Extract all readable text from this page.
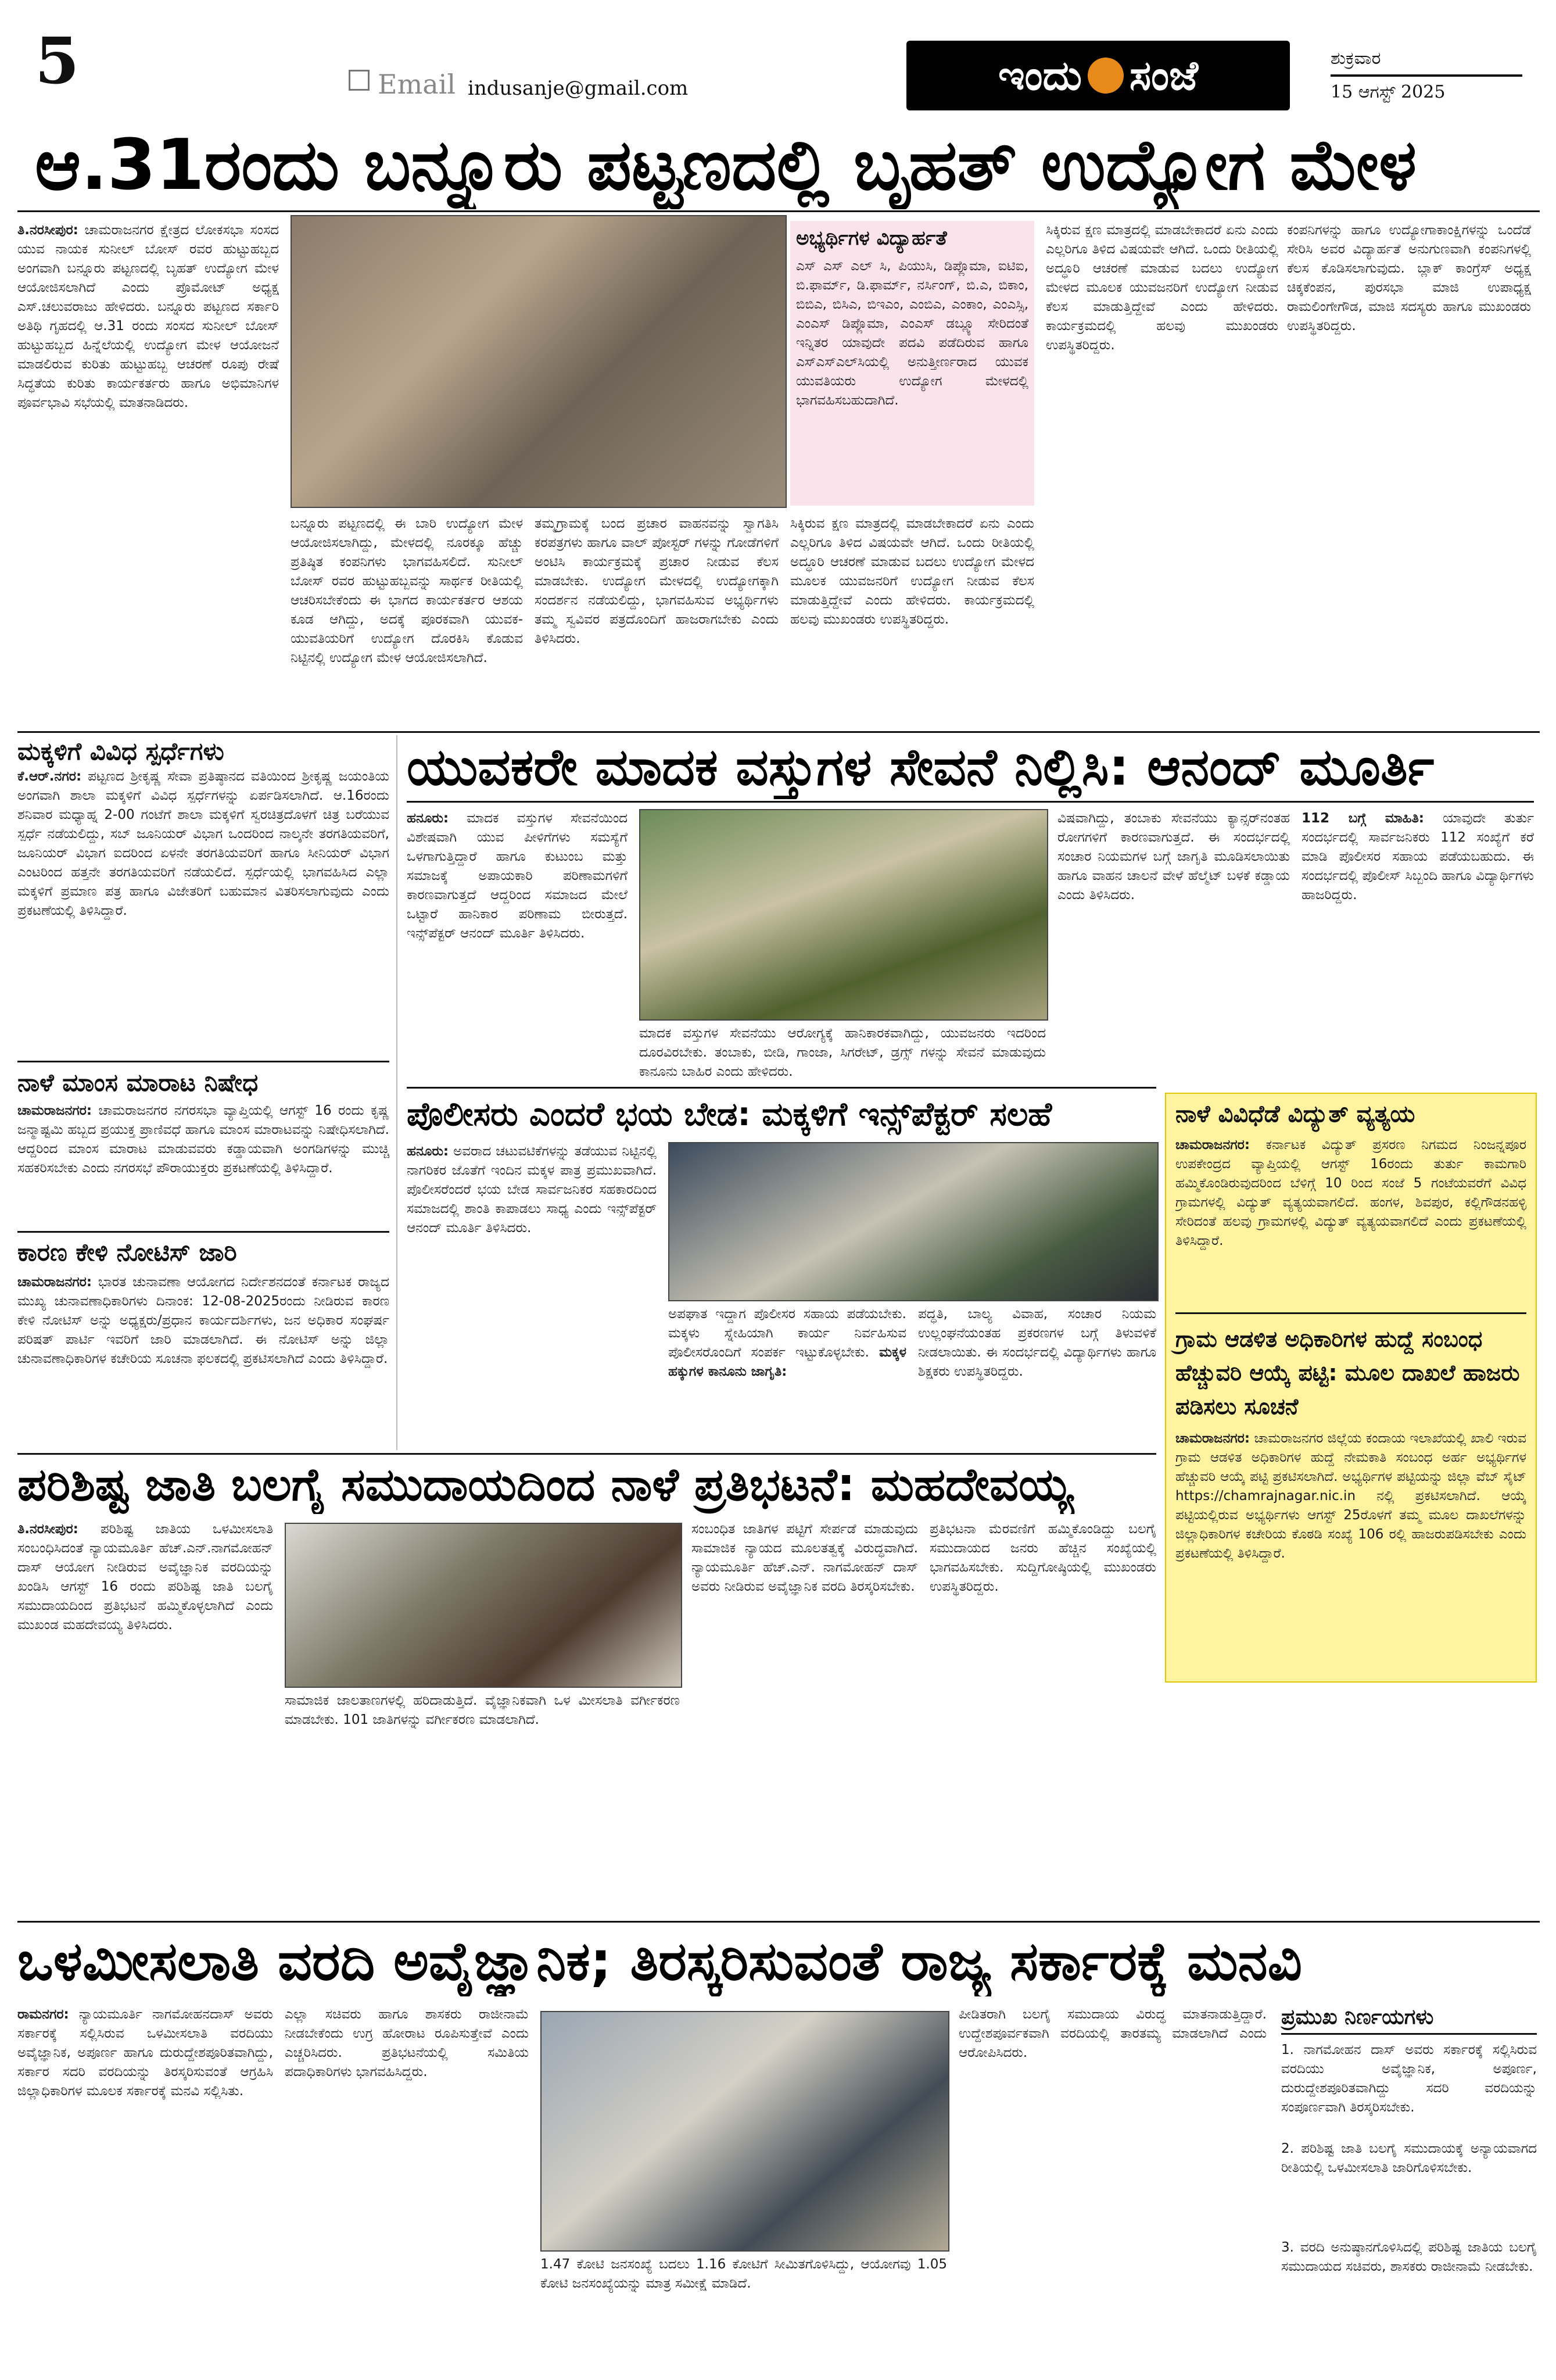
5	Email indusanje@gmail.com	ಇಂದು ಸಂಜೆ	ಶುಕ್ರವಾರ
15 ಆಗಸ್ಟ್ 2025
ಆ.31ರಂದು ಬನ್ನೂರು ಪಟ್ಟಣದಲ್ಲಿ ಬೃಹತ್ ಉದ್ಯೋಗ ಮೇಳ
ತಿ.ನರಸೀಪುರ: ಚಾಮರಾಜನಗರ ಕ್ಷೇತ್ರದ ಲೋಕಸಭಾ ಸಂಸದ ಯುವ ನಾಯಕ ಸುನೀಲ್ ಬೋಸ್ ರವರ ಹುಟ್ಟುಹಬ್ಬದ ಅಂಗವಾಗಿ ಬನ್ನೂರು ಪಟ್ಟಣದಲ್ಲಿ ಬೃಹತ್ ಉದ್ಯೋಗ ಮೇಳ ಆಯೋಜಿಸಲಾಗಿದೆ ಎಂದು ಪ್ರೊಮೋಟ್ ಅಧ್ಯಕ್ಷ ಎಸ್.ಚಲುವರಾಜು ಹೇಳಿದರು. ಬನ್ನೂರು ಪಟ್ಟಣದ ಸರ್ಕಾರಿ ಅತಿಥಿ ಗೃಹದಲ್ಲಿ ಆ.31 ರಂದು ಸಂಸದ ಸುನೀಲ್ ಬೋಸ್ ಹುಟ್ಟುಹಬ್ಬದ ಹಿನ್ನೆಲೆಯಲ್ಲಿ ಉದ್ಯೋಗ ಮೇಳ ಆಯೋಜನೆ ಮಾಡಲಿರುವ ಕುರಿತು ಹುಟ್ಟುಹಬ್ಬ ಆಚರಣೆ ರೂಪು ರೇಷೆ ಸಿದ್ಧತೆಯ ಕುರಿತು ಕಾರ್ಯಕರ್ತರು ಹಾಗೂ ಅಭಿಮಾನಿಗಳ ಪೂರ್ವಭಾವಿ ಸಭೆಯಲ್ಲಿ ಮಾತನಾಡಿದರು.
ಬನ್ನೂರು ಪಟ್ಟಣದಲ್ಲಿ ಈ ಬಾರಿ ಉದ್ಯೋಗ ಮೇಳ ಆಯೋಜಿಸಲಾಗಿದ್ದು, ಮೇಳದಲ್ಲಿ ನೂರಕ್ಕೂ ಹೆಚ್ಚು ಪ್ರತಿಷ್ಠಿತ ಕಂಪನಿಗಳು ಭಾಗವಹಿಸಲಿದೆ. ಸುನೀಲ್ ಬೋಸ್ ರವರ ಹುಟ್ಟುಹಬ್ಬವನ್ನು ಸಾರ್ಥಕ ರೀತಿಯಲ್ಲಿ ಆಚರಿಸಬೇಕೆಂದು ಈ ಭಾಗದ ಕಾರ್ಯಕರ್ತರ ಆಶಯ ಕೂಡ ಆಗಿದ್ದು, ಅದಕ್ಕೆ ಪೂರಕವಾಗಿ ಯುವಕ-ಯುವತಿಯರಿಗೆ ಉದ್ಯೋಗ ದೊರಕಿಸಿ ಕೊಡುವ ನಿಟ್ಟಿನಲ್ಲಿ ಉದ್ಯೋಗ ಮೇಳ ಆಯೋಜಿಸಲಾಗಿದೆ.
ತಮ್ಮಗ್ರಾಮಕ್ಕೆ ಬಂದ ಪ್ರಚಾರ ವಾಹನವನ್ನು ಸ್ವಾಗತಿಸಿ ಕರಪತ್ರಗಳು ಹಾಗೂ ವಾಲ್ ಪೋಸ್ಟರ್ ಗಳನ್ನು ಗೋಡೆಗಳಿಗೆ ಅಂಟಿಸಿ ಕಾರ್ಯಕ್ರಮಕ್ಕೆ ಪ್ರಚಾರ ನೀಡುವ ಕೆಲಸ ಮಾಡಬೇಕು. ಉದ್ಯೋಗ ಮೇಳದಲ್ಲಿ ಉದ್ಯೋಗಕ್ಕಾಗಿ ಸಂದರ್ಶನ ನಡೆಯಲಿದ್ದು, ಭಾಗವಹಿಸುವ ಅಭ್ಯರ್ಥಿಗಳು ತಮ್ಮ ಸ್ವವಿವರ ಪತ್ರದೊಂದಿಗೆ ಹಾಜರಾಗಬೇಕು ಎಂದು ತಿಳಿಸಿದರು.
ಅಭ್ಯರ್ಥಿಗಳ ವಿದ್ಯಾರ್ಹತೆ
ಎಸ್ ಎಸ್ ಎಲ್ ಸಿ, ಪಿಯುಸಿ, ಡಿಪ್ಲೊಮಾ, ಐಟಿಐ, ಬಿ.ಫಾರ್ಮ್, ಡಿ.ಫಾರ್ಮ್, ನರ್ಸಿಂಗ್, ಬಿ.ಎ, ಬಿಕಾಂ, ಬಿಬಿಎ, ಬಿಸಿಎ, ಬಿಇಎಂ, ಎಂಬಿಎ, ಎಂಕಾಂ, ಎಂಎಸ್ಸಿ, ಎಂಎಸ್ ಡಿಪ್ಲೊಮಾ, ಎಂಎಸ್ ಡಬ್ಲ್ಯೂ ಸೇರಿದಂತೆ ಇನ್ನಿತರ ಯಾವುದೇ ಪದವಿ ಪಡೆದಿರುವ ಹಾಗೂ ಎಸ್ಎಸ್ಎಲ್‌ಸಿಯಲ್ಲಿ ಅನುತ್ತೀರ್ಣರಾದ ಯುವಕ ಯುವತಿಯರು ಉದ್ಯೋಗ ಮೇಳದಲ್ಲಿ ಭಾಗವಹಿಸಬಹುದಾಗಿದೆ.
ಸಿಕ್ಕಿರುವ ಕ್ಷಣ ಮಾತ್ರದಲ್ಲಿ ಮಾಡಬೇಕಾದರೆ ಏನು ಎಂದು ಎಲ್ಲರಿಗೂ ತಿಳಿದ ವಿಷಯವೇ ಆಗಿದೆ. ಒಂದು ರೀತಿಯಲ್ಲಿ ಅದ್ಧೂರಿ ಆಚರಣೆ ಮಾಡುವ ಬದಲು ಉದ್ಯೋಗ ಮೇಳದ ಮೂಲಕ ಯುವಜನರಿಗೆ ಉದ್ಯೋಗ ನೀಡುವ ಕೆಲಸ ಮಾಡುತ್ತಿದ್ದೇವೆ ಎಂದು ಹೇಳಿದರು. ಕಾರ್ಯಕ್ರಮದಲ್ಲಿ ಹಲವು ಮುಖಂಡರು ಉಪಸ್ಥಿತರಿದ್ದರು.
ಸಿಕ್ಕಿರುವ ಕ್ಷಣ ಮಾತ್ರದಲ್ಲಿ ಮಾಡಬೇಕಾದರೆ ಏನು ಎಂದು ಎಲ್ಲರಿಗೂ ತಿಳಿದ ವಿಷಯವೇ ಆಗಿದೆ. ಒಂದು ರೀತಿಯಲ್ಲಿ ಅದ್ಧೂರಿ ಆಚರಣೆ ಮಾಡುವ ಬದಲು ಉದ್ಯೋಗ ಮೇಳದ ಮೂಲಕ ಯುವಜನರಿಗೆ ಉದ್ಯೋಗ ನೀಡುವ ಕೆಲಸ ಮಾಡುತ್ತಿದ್ದೇವೆ ಎಂದು ಹೇಳಿದರು. ಕಾರ್ಯಕ್ರಮದಲ್ಲಿ ಹಲವು ಮುಖಂಡರು ಉಪಸ್ಥಿತರಿದ್ದರು.
ಕಂಪನಿಗಳನ್ನು ಹಾಗೂ ಉದ್ಯೋಗಾಕಾಂಕ್ಷಿಗಳನ್ನು ಒಂದೆಡೆ ಸೇರಿಸಿ ಅವರ ವಿದ್ಯಾರ್ಹತೆ ಅನುಗುಣವಾಗಿ ಕಂಪನಿಗಳಲ್ಲಿ ಕೆಲಸ ಕೊಡಿಸಲಾಗುವುದು. ಬ್ಲಾಕ್ ಕಾಂಗ್ರೆಸ್ ಅಧ್ಯಕ್ಷ ಚಿಕ್ಕಕೆಂಪನ, ಪುರಸಭಾ ಮಾಜಿ ಉಪಾಧ್ಯಕ್ಷ ರಾಮಲಿಂಗೇಗೌಡ, ಮಾಜಿ ಸದಸ್ಯರು ಹಾಗೂ ಮುಖಂಡರು ಉಪಸ್ಥಿತರಿದ್ದರು.
ಮಕ್ಕಳಿಗೆ ವಿವಿಧ ಸ್ಪರ್ಧೆಗಳು
ಕೆ.ಆರ್.ನಗರ: ಪಟ್ಟಣದ ಶ್ರೀಕೃಷ್ಣ ಸೇವಾ ಪ್ರತಿಷ್ಠಾನದ ವತಿಯಿಂದ ಶ್ರೀಕೃಷ್ಣ ಜಯಂತಿಯ ಅಂಗವಾಗಿ ಶಾಲಾ ಮಕ್ಕಳಿಗೆ ವಿವಿಧ ಸ್ಪರ್ಧೆಗಳನ್ನು ಏರ್ಪಡಿಸಲಾಗಿದೆ. ಆ.16ರಂದು ಶನಿವಾರ ಮಧ್ಯಾಹ್ನ 2-00 ಗಂಟೆಗೆ ಶಾಲಾ ಮಕ್ಕಳಿಗೆ ಸ್ವರಚಿತ್ರದೊಳಗೆ ಚಿತ್ರ ಬರೆಯುವ ಸ್ಪರ್ಧೆ ನಡೆಯಲಿದ್ದು, ಸಬ್ ಜೂನಿಯರ್ ವಿಭಾಗ ಒಂದರಿಂದ ನಾಲ್ಕನೇ ತರಗತಿಯವರಿಗೆ, ಜೂನಿಯರ್ ವಿಭಾಗ ಐದರಿಂದ ಏಳನೇ ತರಗತಿಯವರಿಗೆ ಹಾಗೂ ಸೀನಿಯರ್ ವಿಭಾಗ ಎಂಟರಿಂದ ಹತ್ತನೇ ತರಗತಿಯವರಿಗೆ ನಡೆಯಲಿದೆ. ಸ್ಪರ್ಧೆಯಲ್ಲಿ ಭಾಗವಹಿಸಿದ ಎಲ್ಲಾ ಮಕ್ಕಳಿಗೆ ಪ್ರಮಾಣ ಪತ್ರ ಹಾಗೂ ವಿಜೇತರಿಗೆ ಬಹುಮಾನ ವಿತರಿಸಲಾಗುವುದು ಎಂದು ಪ್ರಕಟಣೆಯಲ್ಲಿ ತಿಳಿಸಿದ್ದಾರೆ.
ನಾಳೆ ಮಾಂಸ ಮಾರಾಟ ನಿಷೇಧ
ಚಾಮರಾಜನಗರ: ಚಾಮರಾಜನಗರ ನಗರಸಭಾ ವ್ಯಾಪ್ತಿಯಲ್ಲಿ ಆಗಸ್ಟ್ 16 ರಂದು ಕೃಷ್ಣ ಜನ್ಮಾಷ್ಟಮಿ ಹಬ್ಬದ ಪ್ರಯುಕ್ತ ಪ್ರಾಣಿವಧೆ ಹಾಗೂ ಮಾಂಸ ಮಾರಾಟವನ್ನು ನಿಷೇಧಿಸಲಾಗಿದೆ. ಆದ್ದರಿಂದ ಮಾಂಸ ಮಾರಾಟ ಮಾಡುವವರು ಕಡ್ಡಾಯವಾಗಿ ಅಂಗಡಿಗಳನ್ನು ಮುಚ್ಚಿ ಸಹಕರಿಸಬೇಕು ಎಂದು ನಗರಸಭೆ ಪೌರಾಯುಕ್ತರು ಪ್ರಕಟಣೆಯಲ್ಲಿ ತಿಳಿಸಿದ್ದಾರೆ.
ಕಾರಣ ಕೇಳಿ ನೋಟಿಸ್ ಜಾರಿ
ಚಾಮರಾಜನಗರ: ಭಾರತ ಚುನಾವಣಾ ಆಯೋಗದ ನಿರ್ದೇಶನದಂತೆ ಕರ್ನಾಟಕ ರಾಜ್ಯದ ಮುಖ್ಯ ಚುನಾವಣಾಧಿಕಾರಿಗಳು ದಿನಾಂಕ: 12-08-2025ರಂದು ನೀಡಿರುವ ಕಾರಣ ಕೇಳಿ ನೋಟಿಸ್ ಅನ್ನು ಅಧ್ಯಕ್ಷರು/ಪ್ರಧಾನ ಕಾರ್ಯದರ್ಶಿಗಳು, ಜನ ಅಧಿಕಾರ ಸಂಘರ್ಷ ಪರಿಷತ್ ಪಾರ್ಟಿ ಇವರಿಗೆ ಜಾರಿ ಮಾಡಲಾಗಿದೆ. ಈ ನೋಟಿಸ್ ಅನ್ನು ಜಿಲ್ಲಾ ಚುನಾವಣಾಧಿಕಾರಿಗಳ ಕಚೇರಿಯ ಸೂಚನಾ ಫಲಕದಲ್ಲಿ ಪ್ರಕಟಿಸಲಾಗಿದೆ ಎಂದು ತಿಳಿಸಿದ್ದಾರೆ.
ಯುವಕರೇ ಮಾದಕ ವಸ್ತುಗಳ ಸೇವನೆ ನಿಲ್ಲಿಸಿ: ಆನಂದ್ ಮೂರ್ತಿ
ಹನೂರು: ಮಾದಕ ವಸ್ತುಗಳ ಸೇವನೆಯಿಂದ ವಿಶೇಷವಾಗಿ ಯುವ ಪೀಳಿಗೆಗಳು ಸಮಸ್ಯೆಗೆ ಒಳಗಾಗುತ್ತಿದ್ದಾರೆ ಹಾಗೂ ಕುಟುಂಬ ಮತ್ತು ಸಮಾಜಕ್ಕೆ ಅಪಾಯಕಾರಿ ಪರಿಣಾಮಗಳಿಗೆ ಕಾರಣವಾಗುತ್ತದೆ ಆದ್ದರಿಂದ ಸಮಾಜದ ಮೇಲೆ ಒಟ್ಟಾರೆ ಹಾನಿಕಾರ ಪರಿಣಾಮ ಬೀರುತ್ತದೆ. ಇನ್ಸ್‌ಪೆಕ್ಟರ್ ಆನಂದ್ ಮೂರ್ತಿ ತಿಳಿಸಿದರು.
ಮಾದಕ ವಸ್ತುಗಳ ಸೇವನೆಯು ಆರೋಗ್ಯಕ್ಕೆ ಹಾನಿಕಾರಕವಾಗಿದ್ದು, ಯುವಜನರು ಇದರಿಂದ ದೂರವಿರಬೇಕು. ತಂಬಾಕು, ಬೀಡಿ, ಗಾಂಜಾ, ಸಿಗರೇಟ್, ಡ್ರಗ್ಸ್ ಗಳನ್ನು ಸೇವನೆ ಮಾಡುವುದು ಕಾನೂನು ಬಾಹಿರ ಎಂದು ಹೇಳಿದರು.
ವಿಷವಾಗಿದ್ದು, ತಂಬಾಕು ಸೇವನೆಯು ಕ್ಯಾನ್ಸರ್‌ನಂತಹ ರೋಗಗಳಿಗೆ ಕಾರಣವಾಗುತ್ತದೆ. ಈ ಸಂದರ್ಭದಲ್ಲಿ ಸಂಚಾರ ನಿಯಮಗಳ ಬಗ್ಗೆ ಜಾಗೃತಿ ಮೂಡಿಸಲಾಯಿತು ಹಾಗೂ ವಾಹನ ಚಾಲನೆ ವೇಳೆ ಹೆಲ್ಮೆಟ್ ಬಳಕೆ ಕಡ್ಡಾಯ ಎಂದು ತಿಳಿಸಿದರು.
112 ಬಗ್ಗೆ ಮಾಹಿತಿ: ಯಾವುದೇ ತುರ್ತು ಸಂದರ್ಭದಲ್ಲಿ ಸಾರ್ವಜನಿಕರು 112 ಸಂಖ್ಯೆಗೆ ಕರೆ ಮಾಡಿ ಪೊಲೀಸರ ಸಹಾಯ ಪಡೆಯಬಹುದು. ಈ ಸಂದರ್ಭದಲ್ಲಿ ಪೊಲೀಸ್ ಸಿಬ್ಬಂದಿ ಹಾಗೂ ವಿದ್ಯಾರ್ಥಿಗಳು ಹಾಜರಿದ್ದರು.
ಪೊಲೀಸರು ಎಂದರೆ ಭಯ ಬೇಡ: ಮಕ್ಕಳಿಗೆ ಇನ್ಸ್‌ಪೆಕ್ಟರ್ ಸಲಹೆ
ಹನೂರು: ಅವರಾದ ಚಟುವಟಿಕೆಗಳನ್ನು ತಡೆಯುವ ನಿಟ್ಟಿನಲ್ಲಿ ನಾಗರಿಕರ ಜೊತೆಗೆ ಇಂದಿನ ಮಕ್ಕಳ ಪಾತ್ರ ಪ್ರಮುಖವಾಗಿದೆ. ಪೊಲೀಸರೆಂದರೆ ಭಯ ಬೇಡ ಸಾರ್ವಜನಿಕರ ಸಹಕಾರದಿಂದ ಸಮಾಜದಲ್ಲಿ ಶಾಂತಿ ಕಾಪಾಡಲು ಸಾಧ್ಯ ಎಂದು ಇನ್ಸ್‌ಪೆಕ್ಟರ್ ಆನಂದ್ ಮೂರ್ತಿ ತಿಳಿಸಿದರು.
ಅಪಘಾತ ಇದ್ದಾಗ ಪೊಲೀಸರ ಸಹಾಯ ಪಡೆಯಬೇಕು. ಮಕ್ಕಳು ಸ್ನೇಹಿಯಾಗಿ ಕಾರ್ಯ ನಿರ್ವಹಿಸುವ ಪೊಲೀಸರೊಂದಿಗೆ ಸಂಪರ್ಕ ಇಟ್ಟುಕೊಳ್ಳಬೇಕು. ಮಕ್ಕಳ ಹಕ್ಕುಗಳ ಕಾನೂನು ಜಾಗೃತಿ:
ಪದ್ಧತಿ, ಬಾಲ್ಯ ವಿವಾಹ, ಸಂಚಾರ ನಿಯಮ ಉಲ್ಲಂಘನೆಯಂತಹ ಪ್ರಕರಣಗಳ ಬಗ್ಗೆ ತಿಳುವಳಿಕೆ ನೀಡಲಾಯಿತು. ಈ ಸಂದರ್ಭದಲ್ಲಿ ವಿದ್ಯಾರ್ಥಿಗಳು ಹಾಗೂ ಶಿಕ್ಷಕರು ಉಪಸ್ಥಿತರಿದ್ದರು.
ನಾಳೆ ವಿವಿಧೆಡೆ ವಿದ್ಯುತ್ ವ್ಯತ್ಯಯ
ಚಾಮರಾಜನಗರ: ಕರ್ನಾಟಕ ವಿದ್ಯುತ್ ಪ್ರಸರಣ ನಿಗಮದ ನಿಂಜನ್ನಪೂರ ಉಪಕೇಂದ್ರದ ವ್ಯಾಪ್ತಿಯಲ್ಲಿ ಆಗಸ್ಟ್ 16ರಂದು ತುರ್ತು ಕಾಮಗಾರಿ ಹಮ್ಮಿಕೊಂಡಿರುವುದರಿಂದ ಬೆಳಿಗ್ಗೆ 10 ರಿಂದ ಸಂಜೆ 5 ಗಂಟೆಯವರೆಗೆ ವಿವಿಧ ಗ್ರಾಮಗಳಲ್ಲಿ ವಿದ್ಯುತ್ ವ್ಯತ್ಯಯವಾಗಲಿದೆ. ಹಂಗಳ, ಶಿವಪುರ, ಕಲ್ಲಿಗೌಡನಹಳ್ಳಿ ಸೇರಿದಂತೆ ಹಲವು ಗ್ರಾಮಗಳಲ್ಲಿ ವಿದ್ಯುತ್ ವ್ಯತ್ಯಯವಾಗಲಿದೆ ಎಂದು ಪ್ರಕಟಣೆಯಲ್ಲಿ ತಿಳಿಸಿದ್ದಾರೆ.
ಗ್ರಾಮ ಆಡಳಿತ ಅಧಿಕಾರಿಗಳ ಹುದ್ದೆ ಸಂಬಂಧ ಹೆಚ್ಚುವರಿ ಆಯ್ಕೆ ಪಟ್ಟಿ: ಮೂಲ ದಾಖಲೆ ಹಾಜರು ಪಡಿಸಲು ಸೂಚನೆ
ಚಾಮರಾಜನಗರ: ಚಾಮರಾಜನಗರ ಜಿಲ್ಲೆಯ ಕಂದಾಯ ಇಲಾಖೆಯಲ್ಲಿ ಖಾಲಿ ಇರುವ ಗ್ರಾಮ ಆಡಳಿತ ಅಧಿಕಾರಿಗಳ ಹುದ್ದೆ ನೇಮಕಾತಿ ಸಂಬಂಧ ಅರ್ಹ ಅಭ್ಯರ್ಥಿಗಳ ಹೆಚ್ಚುವರಿ ಆಯ್ಕೆ ಪಟ್ಟಿ ಪ್ರಕಟಿಸಲಾಗಿದೆ. ಅಭ್ಯರ್ಥಿಗಳ ಪಟ್ಟಿಯನ್ನು ಜಿಲ್ಲಾ ವೆಬ್ ಸೈಟ್ https://chamrajnagar.nic.in ನಲ್ಲಿ ಪ್ರಕಟಿಸಲಾಗಿದೆ. ಆಯ್ಕೆ ಪಟ್ಟಿಯಲ್ಲಿರುವ ಅಭ್ಯರ್ಥಿಗಳು ಆಗಸ್ಟ್ 25ರೊಳಗೆ ತಮ್ಮ ಮೂಲ ದಾಖಲೆಗಳನ್ನು ಜಿಲ್ಲಾಧಿಕಾರಿಗಳ ಕಚೇರಿಯ ಕೊಠಡಿ ಸಂಖ್ಯೆ 106 ರಲ್ಲಿ ಹಾಜರುಪಡಿಸಬೇಕು ಎಂದು ಪ್ರಕಟಣೆಯಲ್ಲಿ ತಿಳಿಸಿದ್ದಾರೆ.
ಪರಿಶಿಷ್ಟ ಜಾತಿ ಬಲಗೈ ಸಮುದಾಯದಿಂದ ನಾಳೆ ಪ್ರತಿಭಟನೆ: ಮಹದೇವಯ್ಯ
ತಿ.ನರಸೀಪುರ: ಪರಿಶಿಷ್ಟ ಜಾತಿಯ ಒಳಮೀಸಲಾತಿ ಸಂಬಂಧಿಸಿದಂತೆ ನ್ಯಾಯಮೂರ್ತಿ ಹೆಚ್.ಎನ್.ನಾಗಮೋಹನ್ ದಾಸ್ ಆಯೋಗ ನೀಡಿರುವ ಅವೈಜ್ಞಾನಿಕ ವರದಿಯನ್ನು ಖಂಡಿಸಿ ಆಗಸ್ಟ್ 16 ರಂದು ಪರಿಶಿಷ್ಟ ಜಾತಿ ಬಲಗೈ ಸಮುದಾಯದಿಂದ ಪ್ರತಿಭಟನೆ ಹಮ್ಮಿಕೊಳ್ಳಲಾಗಿದೆ ಎಂದು ಮುಖಂಡ ಮಹದೇವಯ್ಯ ತಿಳಿಸಿದರು.
ಸಾಮಾಜಿಕ ಜಾಲತಾಣಗಳಲ್ಲಿ ಹರಿದಾಡುತ್ತಿದೆ. ವೈಜ್ಞಾನಿಕವಾಗಿ ಒಳ ಮೀಸಲಾತಿ ವರ್ಗೀಕರಣ ಮಾಡಬೇಕು. 101 ಜಾತಿಗಳನ್ನು ವರ್ಗೀಕರಣ ಮಾಡಲಾಗಿದೆ.
ಸಂಬಂಧಿತ ಜಾತಿಗಳ ಪಟ್ಟಿಗೆ ಸೇರ್ಪಡೆ ಮಾಡುವುದು ಸಾಮಾಜಿಕ ನ್ಯಾಯದ ಮೂಲತತ್ವಕ್ಕೆ ವಿರುದ್ಧವಾಗಿದೆ. ನ್ಯಾಯಮೂರ್ತಿ ಹೆಚ್.ಎನ್. ನಾಗಮೋಹನ್ ದಾಸ್ ಅವರು ನೀಡಿರುವ ಅವೈಜ್ಞಾನಿಕ ವರದಿ ತಿರಸ್ಕರಿಸಬೇಕು.
ಪ್ರತಿಭಟನಾ ಮೆರವಣಿಗೆ ಹಮ್ಮಿಕೊಂಡಿದ್ದು ಬಲಗೈ ಸಮುದಾಯದ ಜನರು ಹೆಚ್ಚಿನ ಸಂಖ್ಯೆಯಲ್ಲಿ ಭಾಗವಹಿಸಬೇಕು. ಸುದ್ದಿಗೋಷ್ಠಿಯಲ್ಲಿ ಮುಖಂಡರು ಉಪಸ್ಥಿತರಿದ್ದರು.
ಒಳಮೀಸಲಾತಿ ವರದಿ ಅವೈಜ್ಞಾನಿಕ; ತಿರಸ್ಕರಿಸುವಂತೆ ರಾಜ್ಯ ಸರ್ಕಾರಕ್ಕೆ ಮನವಿ
ರಾಮನಗರ: ನ್ಯಾಯಮೂರ್ತಿ ನಾಗಮೋಹನದಾಸ್ ಅವರು ಸರ್ಕಾರಕ್ಕೆ ಸಲ್ಲಿಸಿರುವ ಒಳಮೀಸಲಾತಿ ವರದಿಯು ಅವೈಜ್ಞಾನಿಕ, ಅಪೂರ್ಣ ಹಾಗೂ ದುರುದ್ದೇಶಪೂರಿತವಾಗಿದ್ದು, ಸರ್ಕಾರ ಸದರಿ ವರದಿಯನ್ನು ತಿರಸ್ಕರಿಸುವಂತೆ ಆಗ್ರಹಿಸಿ ಜಿಲ್ಲಾಧಿಕಾರಿಗಳ ಮೂಲಕ ಸರ್ಕಾರಕ್ಕೆ ಮನವಿ ಸಲ್ಲಿಸಿತು.
ಎಲ್ಲಾ ಸಚಿವರು ಹಾಗೂ ಶಾಸಕರು ರಾಜೀನಾಮೆ ನೀಡಬೇಕೆಂದು ಉಗ್ರ ಹೋರಾಟ ರೂಪಿಸುತ್ತೇವೆ ಎಂದು ಎಚ್ಚರಿಸಿದರು. ಪ್ರತಿಭಟನೆಯಲ್ಲಿ ಸಮಿತಿಯ ಪದಾಧಿಕಾರಿಗಳು ಭಾಗವಹಿಸಿದ್ದರು.
1.47 ಕೋಟಿ ಜನಸಂಖ್ಯೆ ಬದಲು 1.16 ಕೋಟಿಗೆ ಸೀಮಿತಗೊಳಿಸಿದ್ದು, ಆಯೋಗವು 1.05 ಕೋಟಿ ಜನಸಂಖ್ಯೆಯನ್ನು ಮಾತ್ರ ಸಮೀಕ್ಷೆ ಮಾಡಿದೆ.
ಪೀಡಿತರಾಗಿ ಬಲಗೈ ಸಮುದಾಯ ವಿರುದ್ಧ ಮಾತನಾಡುತ್ತಿದ್ದಾರೆ. ಉದ್ದೇಶಪೂರ್ವಕವಾಗಿ ವರದಿಯಲ್ಲಿ ತಾರತಮ್ಯ ಮಾಡಲಾಗಿದೆ ಎಂದು ಆರೋಪಿಸಿದರು.
ಪ್ರಮುಖ ನಿರ್ಣಯಗಳು
1. ನಾಗಮೋಹನ ದಾಸ್ ಅವರು ಸರ್ಕಾರಕ್ಕೆ ಸಲ್ಲಿಸಿರುವ ವರದಿಯು ಅವೈಜ್ಞಾನಿಕ, ಅಪೂರ್ಣ, ದುರುದ್ದೇಶಪೂರಿತವಾಗಿದ್ದು ಸದರಿ ವರದಿಯನ್ನು ಸಂಪೂರ್ಣವಾಗಿ ತಿರಸ್ಕರಿಸಬೇಕು.
2. ಪರಿಶಿಷ್ಟ ಜಾತಿ ಬಲಗೈ ಸಮುದಾಯಕ್ಕೆ ಅನ್ಯಾಯವಾಗದ ರೀತಿಯಲ್ಲಿ ಒಳಮೀಸಲಾತಿ ಜಾರಿಗೊಳಿಸಬೇಕು.
3. ವರದಿ ಅನುಷ್ಠಾನಗೊಳಿಸಿದಲ್ಲಿ ಪರಿಶಿಷ್ಟ ಜಾತಿಯ ಬಲಗೈ ಸಮುದಾಯದ ಸಚಿವರು, ಶಾಸಕರು ರಾಜೀನಾಮೆ ನೀಡಬೇಕು.
